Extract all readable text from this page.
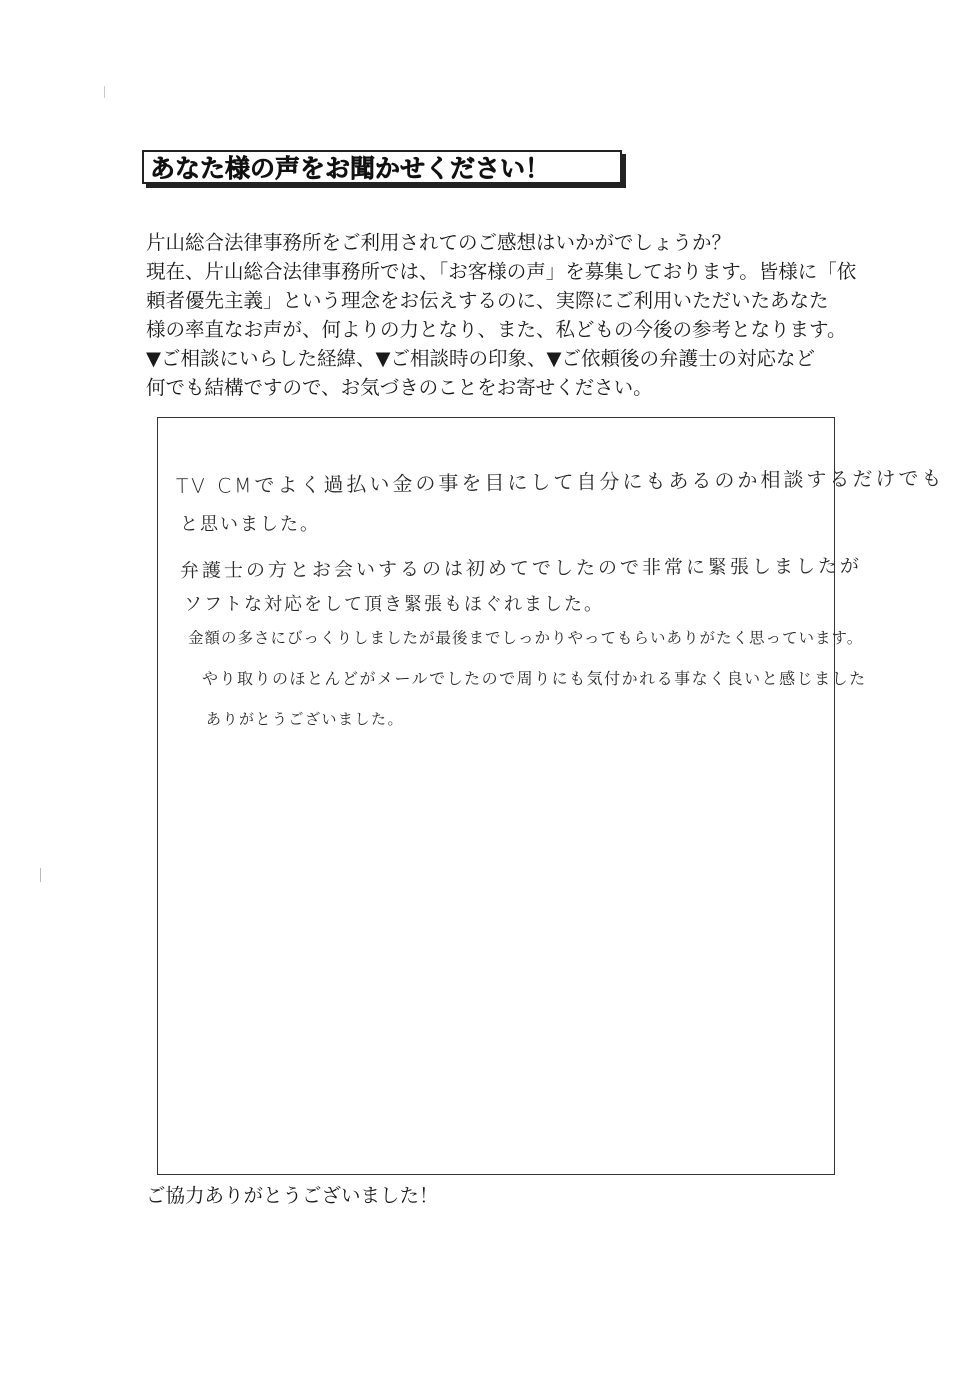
あなた様の声をお聞かせください！
片山総合法律事務所をご利用されてのご感想はいかがでしょうか？
現在、片山総合法律事務所では、「お客様の声」を募集しております。皆様に「依
頼者優先主義」という理念をお伝えするのに、実際にご利用いただいたあなた
様の率直なお声が、何よりの力となり、また、私どもの今後の参考となります。
▼ご相談にいらした経緯、▼ご相談時の印象、▼ご依頼後の弁護士の対応など
何でも結構ですので、お気づきのことをお寄せください。
TV CMでよく過払い金の事を目にして自分にもあるのか相談するだけでも
と思いました。
弁護士の方とお会いするのは初めてでしたので非常に緊張しましたが
ソフトな対応をして頂き緊張もほぐれました。
金額の多さにびっくりしましたが最後までしっかりやってもらいありがたく思っています。
やり取りのほとんどがメールでしたので周りにも気付かれる事なく良いと感じました
ありがとうございました。
ご協力ありがとうございました！
